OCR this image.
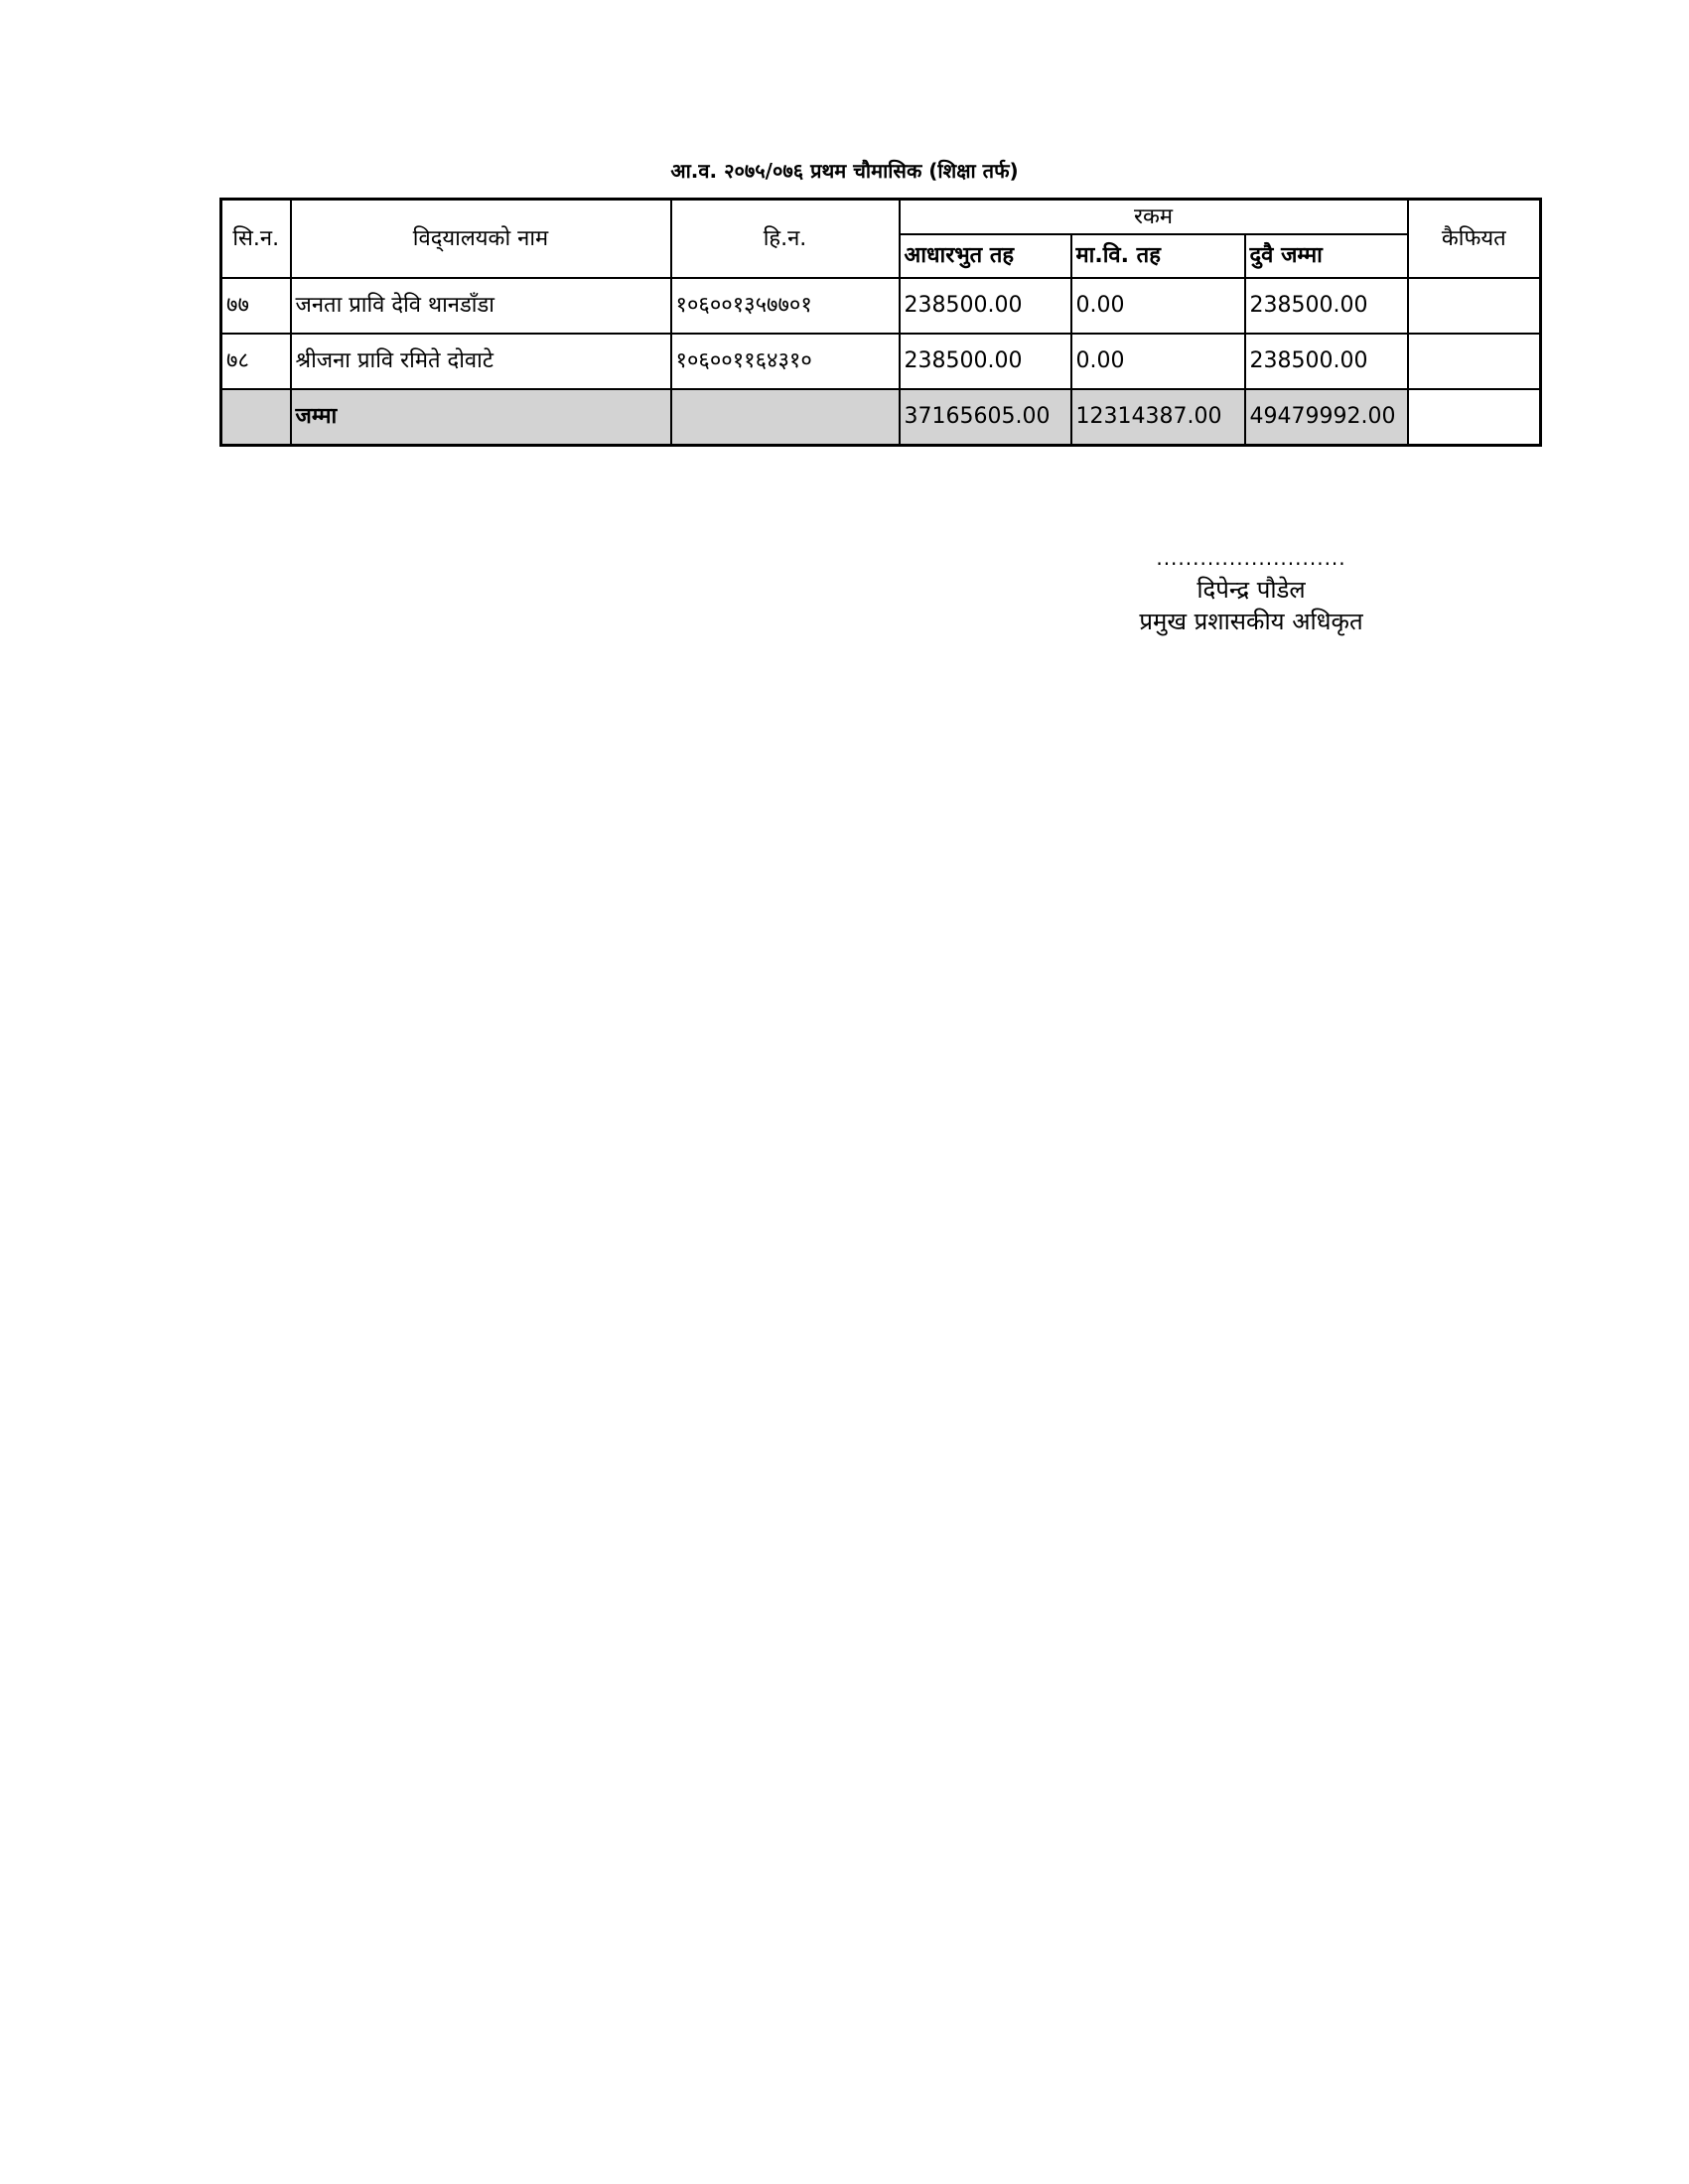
आ.व. २०७५/०७६ प्रथम चौमासिक (शिक्षा तर्फ)
सि.न.	विद्‌यालयको नाम	हि.न.	रकम			कैफियत
			आधारभुत तह	मा.वि. तह	दुवै जम्मा	
७७	जनता प्रावि देवि थानडाँडा	१०६००१३५७७०१	238500.00	0.00	238500.00	
७८	श्रीजना प्रावि रमिते दोवाटे	१०६००११६४३१०	238500.00	0.00	238500.00	
	जम्मा		37165605.00	12314387.00	49479992.00	
..........................
दिपेन्द्र पौडेल
प्रमुख प्रशासकीय अधिकृत
